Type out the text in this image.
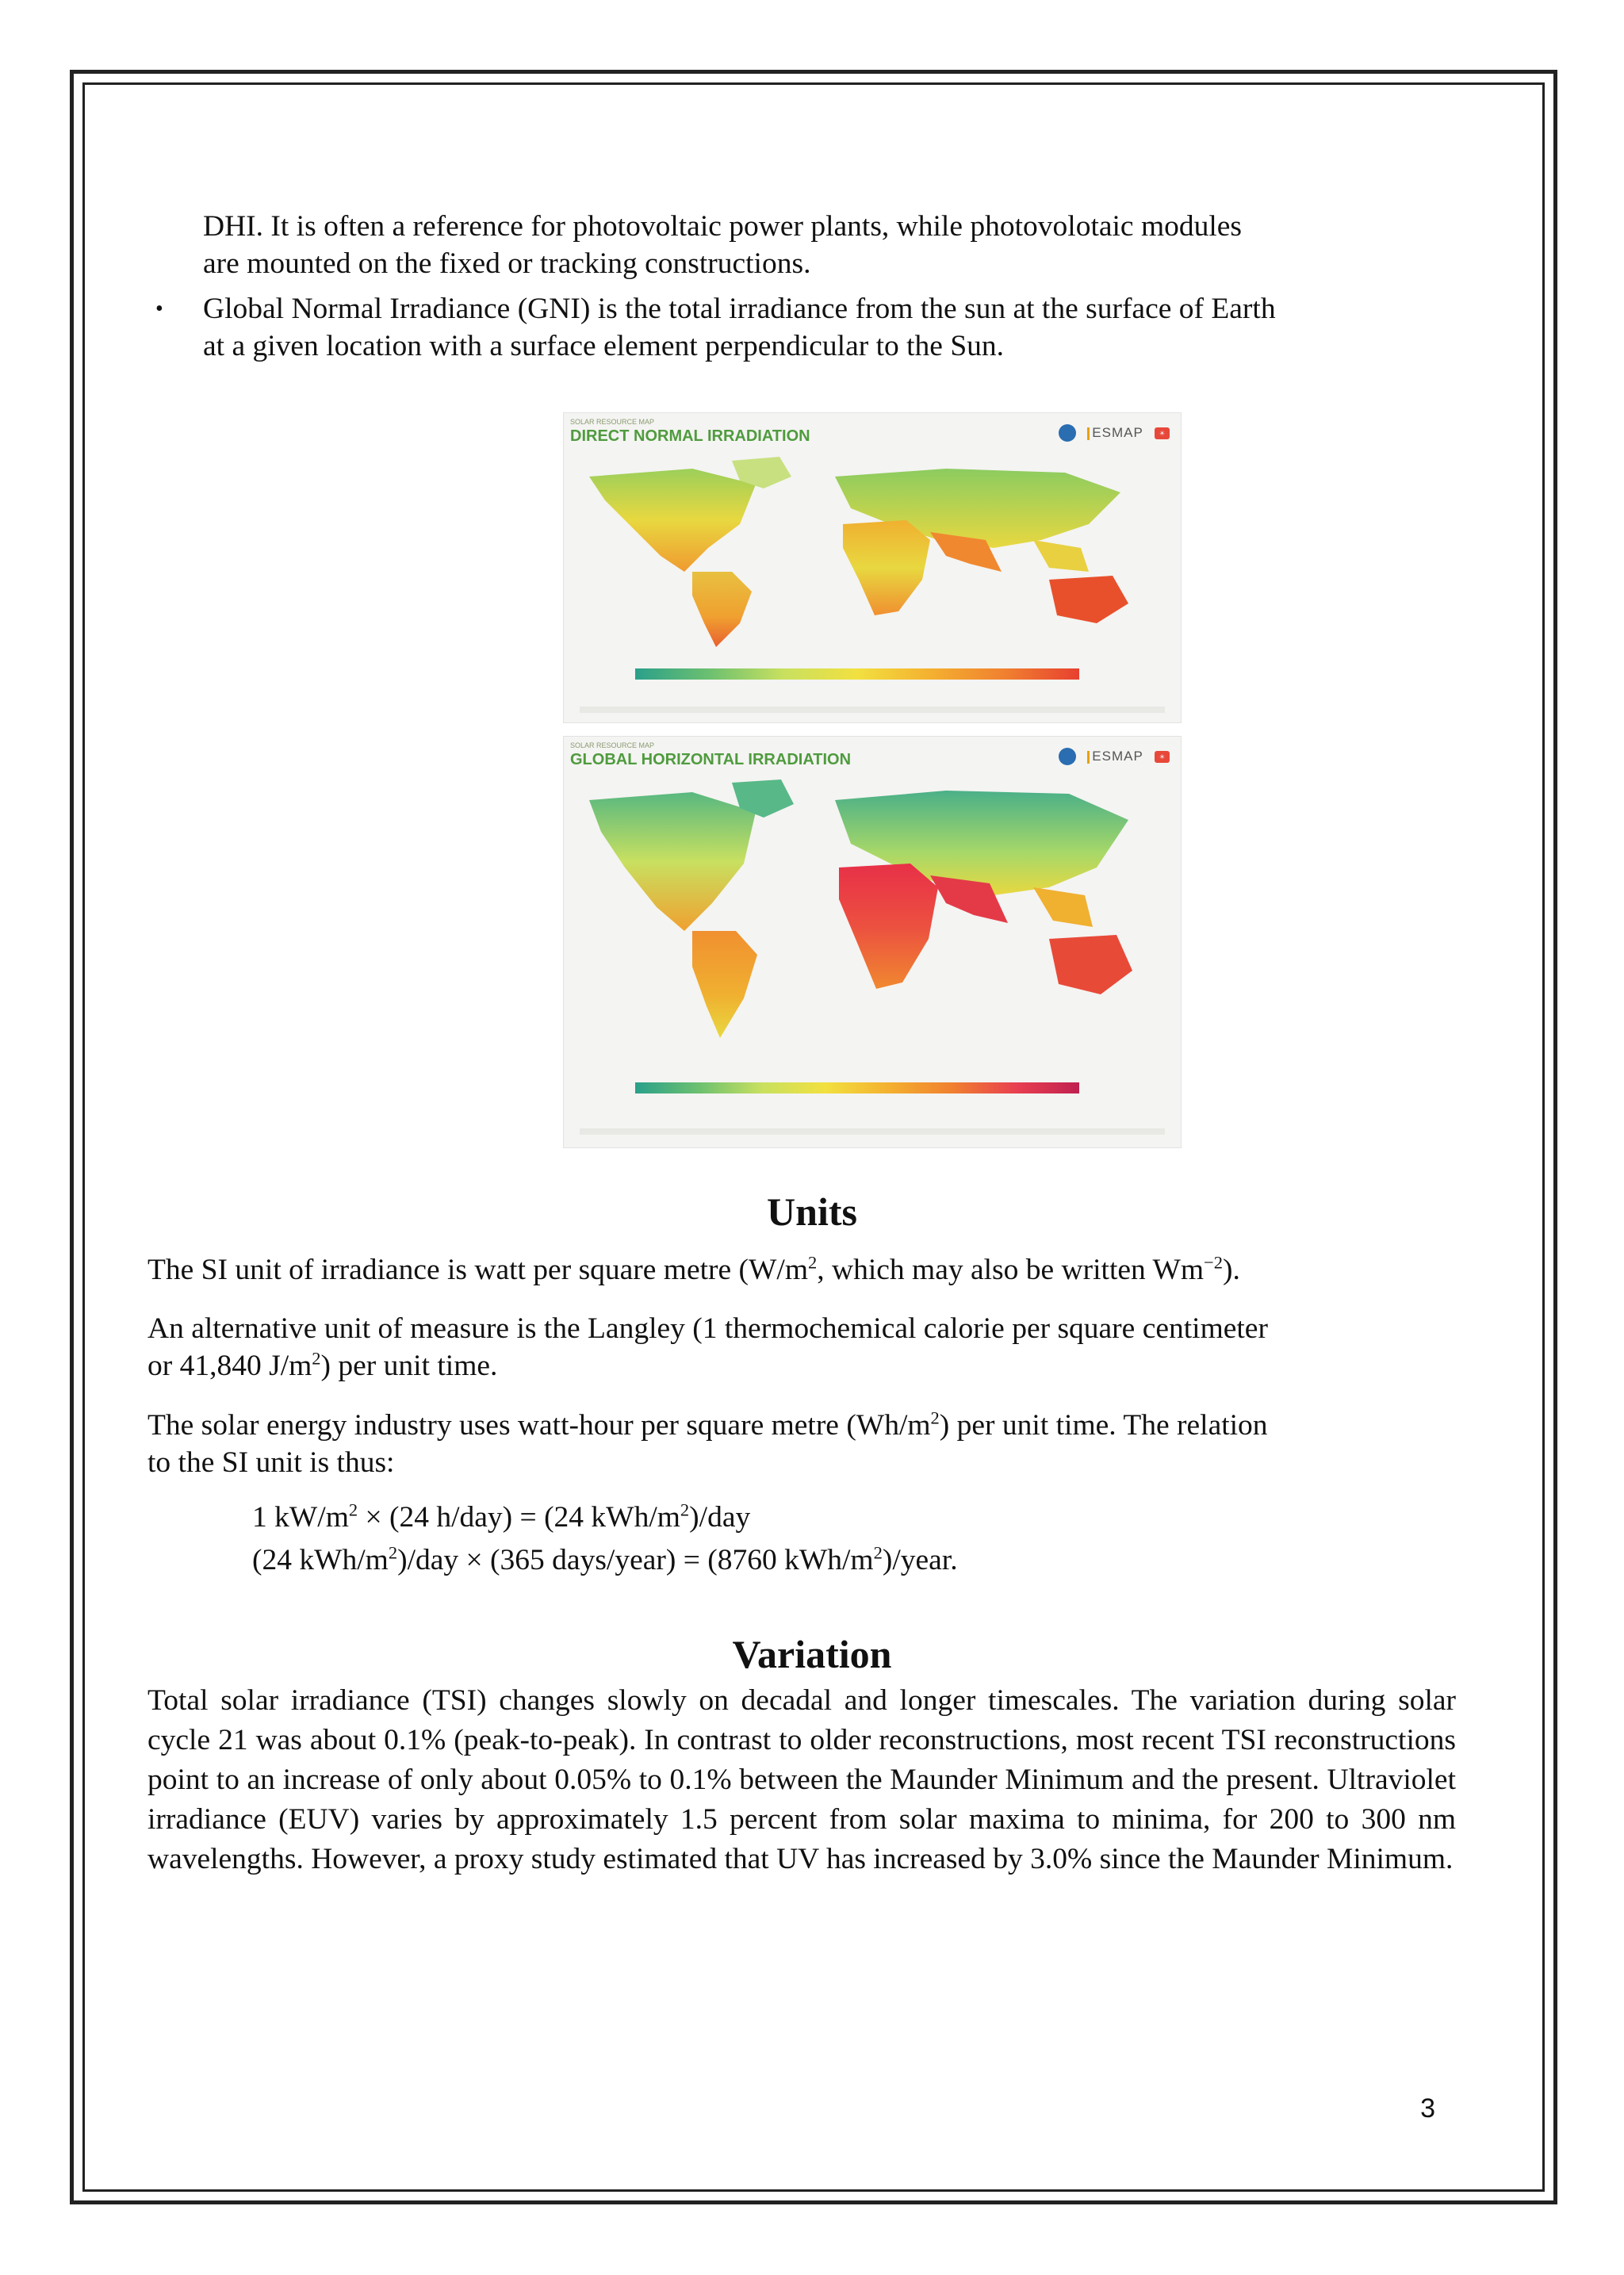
DHI. It is often a reference for photovoltaic power plants, while photovolotaic modules
are mounted on the fixed or tracking constructions.
• Global Normal Irradiance (GNI) is the total irradiance from the sun at the surface of Earth
at a given location with a surface element perpendicular to the Sun.
SOLAR RESOURCE MAP
DIRECT NORMAL IRRADIATION	ESMAP	☀
SOLAR RESOURCE MAP
GLOBAL HORIZONTAL IRRADIATION	ESMAP	☀
Units
The SI unit of irradiance is watt per square metre ($W/m^2$, which may also be written $Wm^{-2}$).
An alternative unit of measure is the Langley (1 thermochemical calorie per square centimeter
or 41,840 $J/m^2$) per unit time.
The solar energy industry uses watt-hour per square metre $(Wh/m^2)$ per unit time. The relation
to the SI unit is thus:
1 $kW/m^2 \times (24$ h/day) = (24 kWh/$m^2$)/day
(24 kWh/$m^2$)/day × (365 days/year) = (8760 kWh/$m^2$)/year.
Variation
Total solar irradiance (TSI) changes slowly on decadal and longer timescales. The variation during solar cycle 21 was about 0.1% (peak-to-peak). In contrast to older reconstructions, most recent TSI reconstructions point to an increase of only about 0.05% to 0.1% between the Maunder Minimum and the present. Ultraviolet irradiance (EUV) varies by approximately 1.5 percent from solar maxima to minima, for 200 to 300 nm wavelengths. However, a proxy study estimated that UV has increased by 3.0% since the Maunder Minimum.
3
